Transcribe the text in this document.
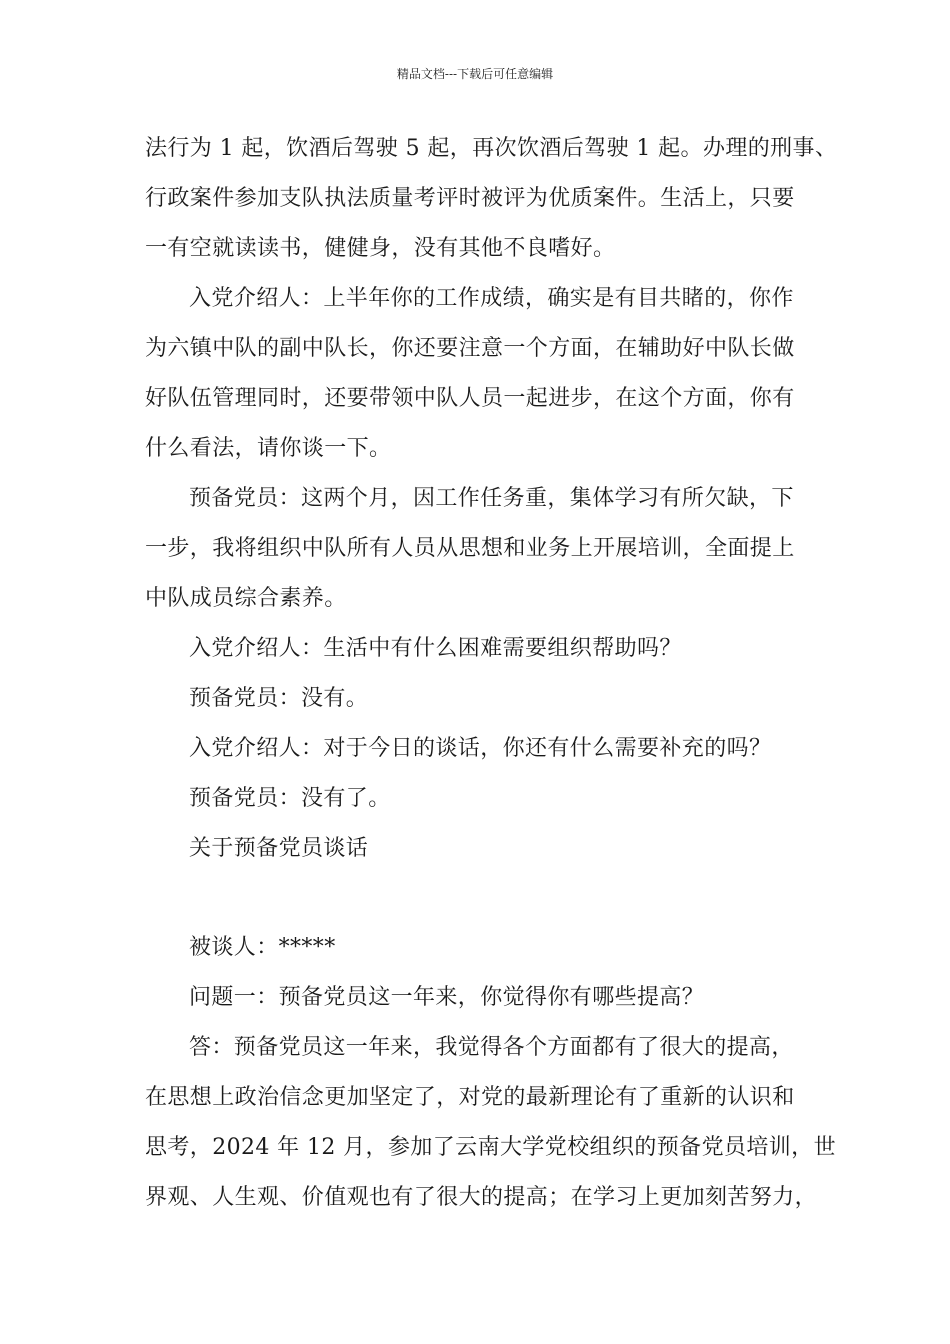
精品文档---下载后可任意编辑
法行为 1 起，饮酒后驾驶 5 起，再次饮酒后驾驶 1 起。办理的刑事、
行政案件参加支队执法质量考评时被评为优质案件。生活上，只要
一有空就读读书，健健身，没有其他不良嗜好。
入党介绍人：上半年你的工作成绩，确实是有目共睹的，你作
为六镇中队的副中队长，你还要注意一个方面，在辅助好中队长做
好队伍管理同时，还要带领中队人员一起进步，在这个方面，你有
什么看法，请你谈一下。
预备党员：这两个月，因工作任务重，集体学习有所欠缺，下
一步，我将组织中队所有人员从思想和业务上开展培训，全面提上
中队成员综合素养。
入党介绍人：生活中有什么困难需要组织帮助吗？
预备党员：没有。
入党介绍人：对于今日的谈话，你还有什么需要补充的吗？
预备党员：没有了。
关于预备党员谈话
被谈人：*****
问题一：预备党员这一年来，你觉得你有哪些提高？
答：预备党员这一年来，我觉得各个方面都有了很大的提高，
在思想上政治信念更加坚定了，对党的最新理论有了重新的认识和
思考，2024 年 12 月，参加了云南大学党校组织的预备党员培训，世
界观、人生观、价值观也有了很大的提高；在学习上更加刻苦努力，
